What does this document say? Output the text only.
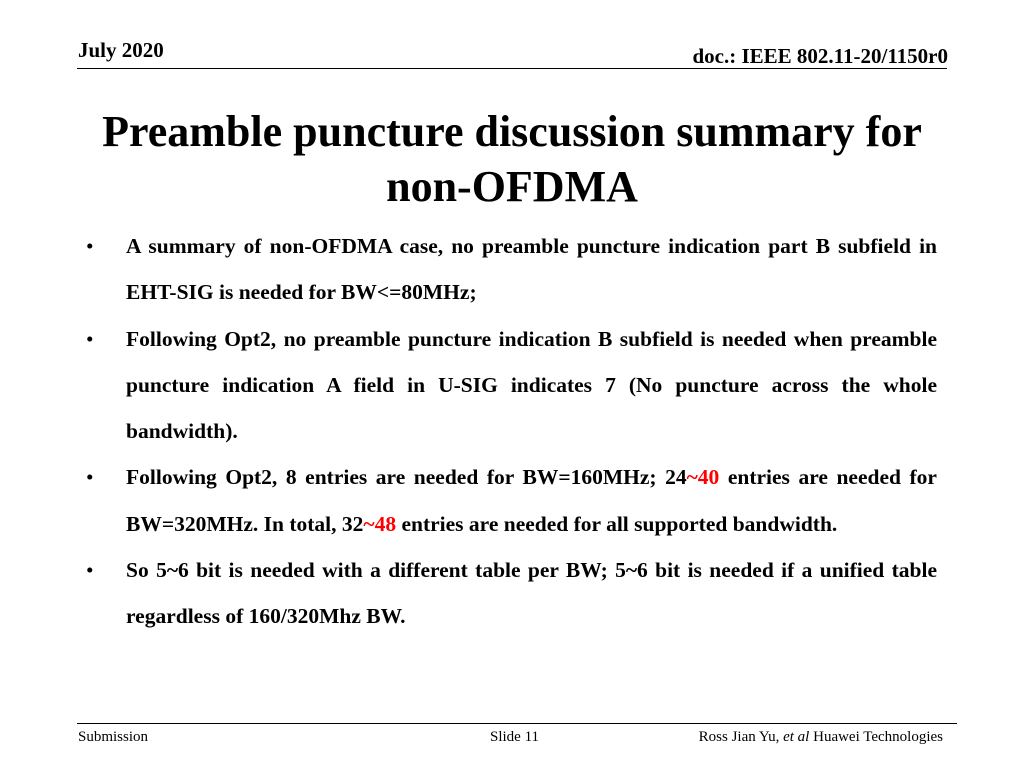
July 2020	doc.: IEEE 802.11-20/1150r0
Preamble puncture discussion summary for
non-OFDMA
• A summary of non-OFDMA case, no preamble puncture indication part B subfield in EHT-SIG is needed for BW<=80MHz;
• Following Opt2, no preamble puncture indication B subfield is needed when preamble puncture indication A field in U-SIG indicates 7 (No puncture across the whole bandwidth).
• Following Opt2, 8 entries are needed for BW=160MHz; 24~40 entries are needed for BW=320MHz. In total, 32~48 entries are needed for all supported bandwidth.
• So 5~6 bit is needed with a different table per BW; 5~6 bit is needed if a unified table regardless of 160/320Mhz BW.
Submission	Slide 11	Ross Jian Yu, et al Huawei Technologies
